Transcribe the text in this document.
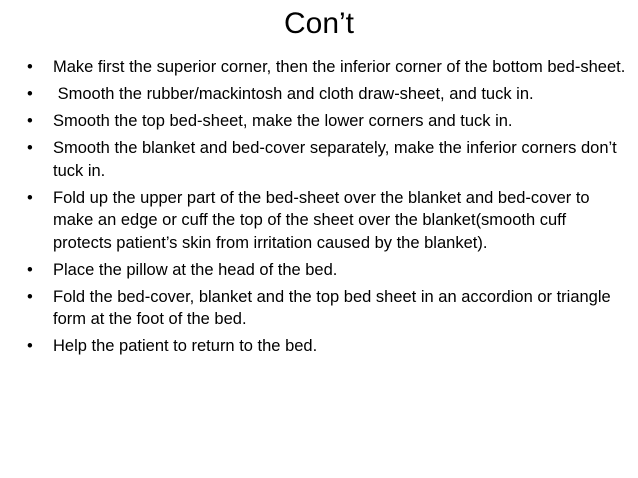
Con’t
• Make first the superior corner, then the inferior corner of the bottom bed-sheet.
• Smooth the rubber/mackintosh and cloth draw-sheet, and tuck in.
• Smooth the top bed-sheet, make the lower corners and tuck in.
• Smooth the blanket and bed-cover separately, make the inferior corners don’t tuck in.
• Fold up the upper part of the bed-sheet over the blanket and bed-cover to make an edge or cuff the top of the sheet over the blanket(smooth cuff protects patient’s skin from irritation caused by the blanket).
• Place the pillow at the head of the bed.
• Fold the bed-cover, blanket and the top bed sheet in an accordion or triangle form at the foot of the bed.
• Help the patient to return to the bed.
